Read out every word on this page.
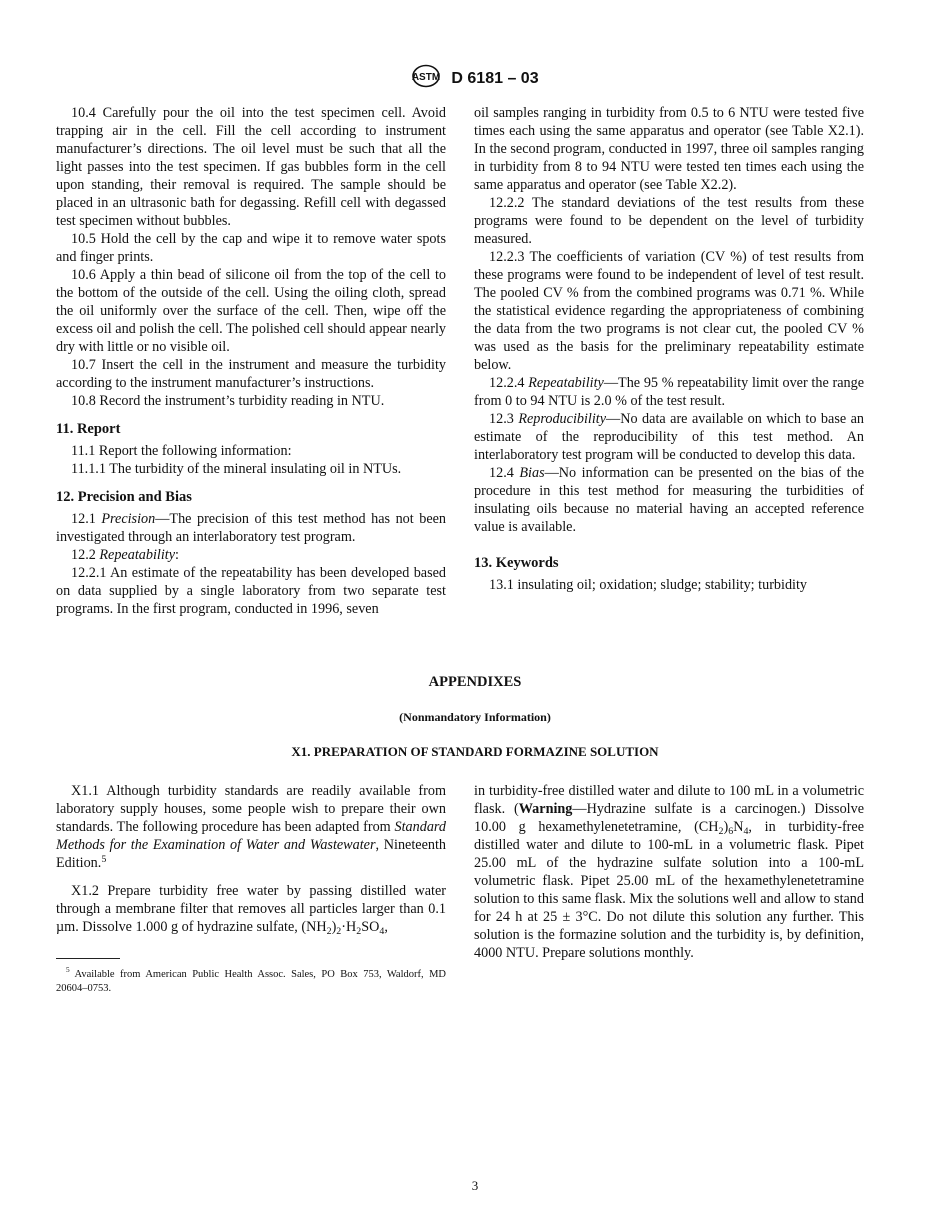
ASTM D 6181 – 03

10.4 Carefully pour the oil into the test specimen cell. Avoid trapping air in the cell. Fill the cell according to instrument manufacturer’s directions. The oil level must be such that all the light passes into the test specimen. If gas bubbles form in the cell upon standing, their removal is required. The sample should be placed in an ultrasonic bath for degassing. Refill cell with degassed test specimen without bubbles.

10.5 Hold the cell by the cap and wipe it to remove water spots and finger prints.

10.6 Apply a thin bead of silicone oil from the top of the cell to the bottom of the outside of the cell. Using the oiling cloth, spread the oil uniformly over the surface of the cell. Then, wipe off the excess oil and polish the cell. The polished cell should appear nearly dry with little or no visible oil.

10.7 Insert the cell in the instrument and measure the turbidity according to the instrument manufacturer’s instructions.

10.8 Record the instrument’s turbidity reading in NTU.

11. Report

11.1 Report the following information:

11.1.1 The turbidity of the mineral insulating oil in NTUs.

12. Precision and Bias

12.1 Precision—The precision of this test method has not been investigated through an interlaboratory test program.

12.2 Repeatability:

12.2.1 An estimate of the repeatability has been developed based on data supplied by a single laboratory from two separate test programs. In the first program, conducted in 1996, seven

oil samples ranging in turbidity from 0.5 to 6 NTU were tested five times each using the same apparatus and operator (see Table X2.1). In the second program, conducted in 1997, three oil samples ranging in turbidity from 8 to 94 NTU were tested ten times each using the same apparatus and operator (see Table X2.2).

12.2.2 The standard deviations of the test results from these programs were found to be dependent on the level of turbidity measured.

12.2.3 The coefficients of variation (CV %) of test results from these programs were found to be independent of level of test result. The pooled CV % from the combined programs was 0.71 %. While the statistical evidence regarding the appropriateness of combining the data from the two programs is not clear cut, the pooled CV % was used as the basis for the preliminary repeatability estimate below.

12.2.4 Repeatability—The 95 % repeatability limit over the range from 0 to 94 NTU is 2.0 % of the test result.

12.3 Reproducibility—No data are available on which to base an estimate of the reproducibility of this test method. An interlaboratory test program will be conducted to develop this data.

12.4 Bias—No information can be presented on the bias of the procedure in this test method for measuring the turbidities of insulating oils because no material having an accepted reference value is available.

13. Keywords

13.1 insulating oil; oxidation; sludge; stability; turbidity

APPENDIXES
(Nonmandatory Information)
X1. PREPARATION OF STANDARD FORMAZINE SOLUTION

X1.1 Although turbidity standards are readily available from laboratory supply houses, some people wish to prepare their own standards. The following procedure has been adapted from Standard Methods for the Examination of Water and Wastewater, Nineteenth Edition.$^5$

X1.2 Prepare turbidity free water by passing distilled water through a membrane filter that removes all particles larger than 0.1 µm. Dissolve 1.000 g of hydrazine sulfate, $(NH_2)_2\cdot H_2SO_4$,

in turbidity-free distilled water and dilute to 100 mL in a volumetric flask. (Warning—Hydrazine sulfate is a carcinogen.) Dissolve 10.00 g hexamethylenetetramine, $(CH_2)_6N_4$, in turbidity-free distilled water and dilute to 100-mL in a volumetric flask. Pipet 25.00 mL of the hydrazine sulfate solution into a 100-mL volumetric flask. Pipet 25.00 mL of the hexamethylenetetramine solution to this same flask. Mix the solutions well and allow to stand for 24 h at 25 ± 3°C. Do not dilute this solution any further. This solution is the formazine solution and the turbidity is, by definition, 4000 NTU. Prepare solutions monthly.

$^5$ Available from American Public Health Assoc. Sales, PO Box 753, Waldorf, MD 20604–0753.
3
